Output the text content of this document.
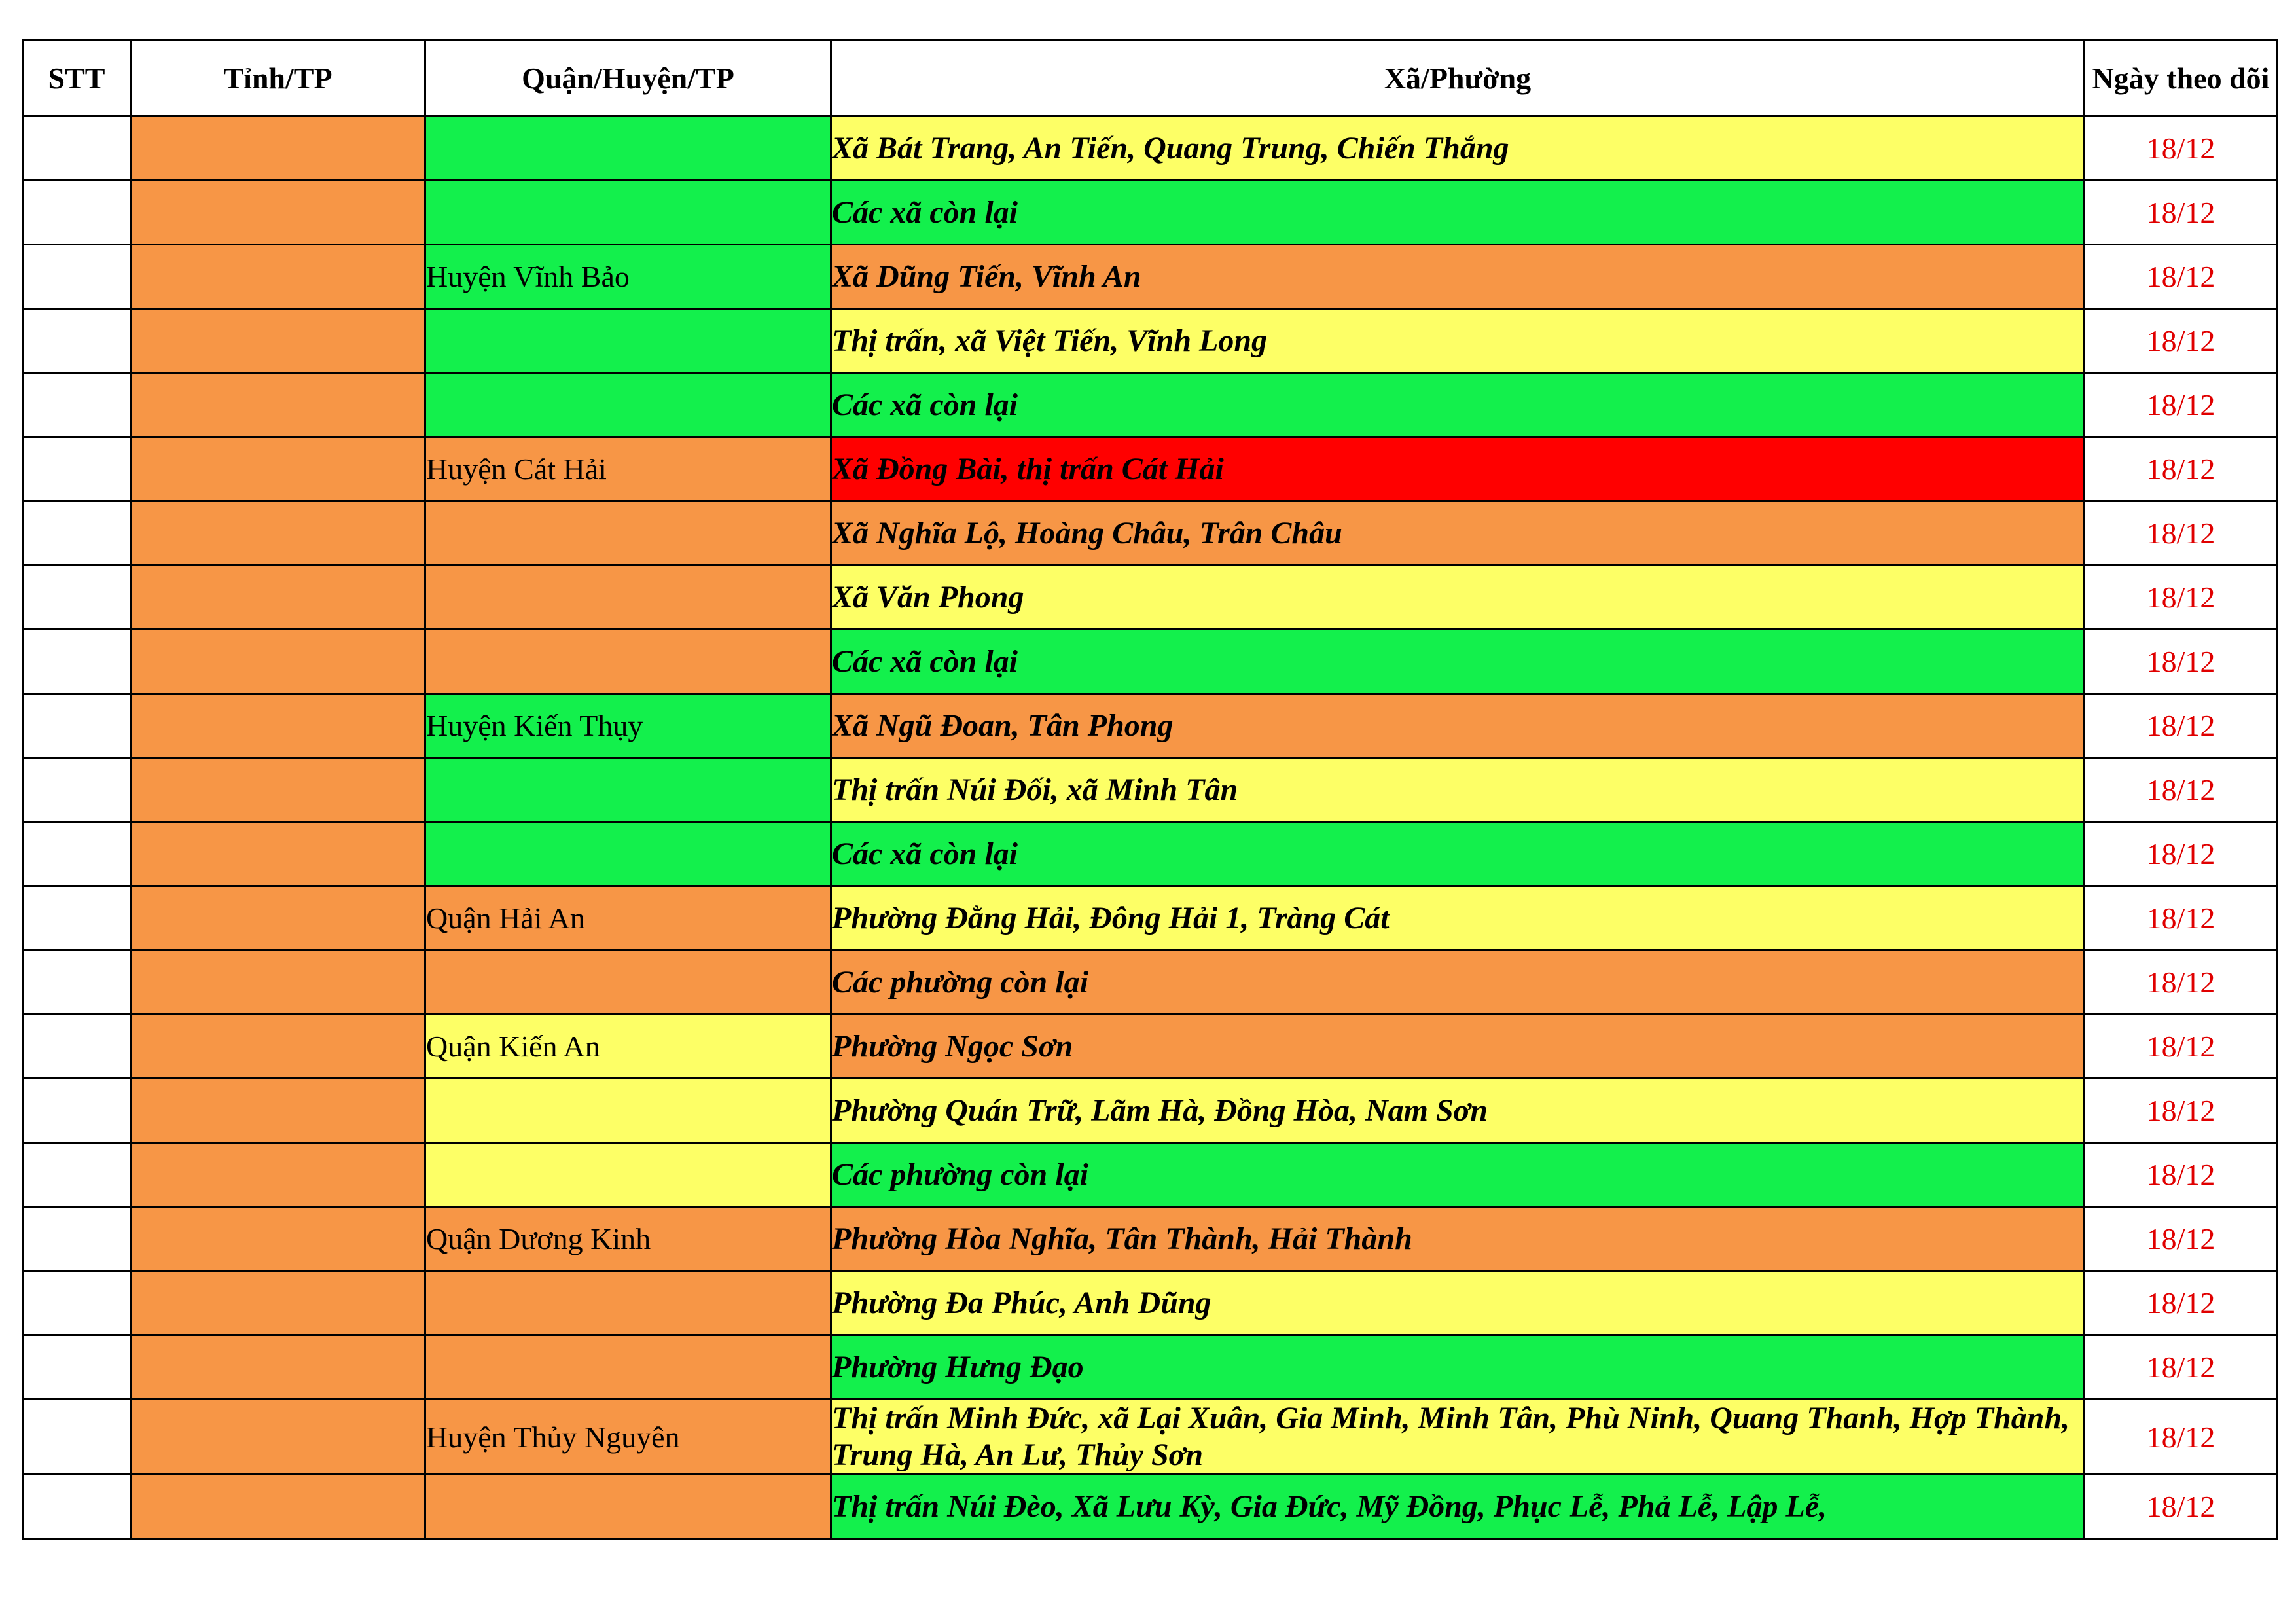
STT	Tỉnh/TP	Quận/Huyện/TP	Xã/Phường	Ngày theo dõi
			Xã Bát Trang, An Tiến, Quang Trung, Chiến Thắng	18/12
			Các xã còn lại	18/12
		Huyện Vĩnh Bảo	Xã Dũng Tiến, Vĩnh An	18/12
			Thị trấn, xã Việt Tiến, Vĩnh Long	18/12
			Các xã còn lại	18/12
		Huyện Cát Hải	Xã Đồng Bài, thị trấn Cát Hải	18/12
			Xã Nghĩa Lộ, Hoàng Châu, Trân Châu	18/12
			Xã Văn Phong	18/12
			Các xã còn lại	18/12
		Huyện Kiến Thụy	Xã Ngũ Đoan, Tân Phong	18/12
			Thị trấn Núi Đối, xã Minh Tân	18/12
			Các xã còn lại	18/12
		Quận Hải An	Phường Đằng Hải, Đông Hải 1, Tràng Cát	18/12
			Các phường còn lại	18/12
		Quận Kiến An	Phường Ngọc Sơn	18/12
			Phường Quán Trữ, Lãm Hà, Đồng Hòa, Nam Sơn	18/12
			Các phường còn lại	18/12
		Quận Dương Kinh	Phường Hòa Nghĩa, Tân Thành, Hải Thành	18/12
			Phường Đa Phúc, Anh Dũng	18/12
			Phường Hưng Đạo	18/12
		Huyện Thủy Nguyên	Thị trấn Minh Đức, xã Lại Xuân, Gia Minh, Minh Tân, Phù Ninh, Quang Thanh, Hợp Thành, Trung Hà, An Lư, Thủy Sơn	18/12
			Thị trấn Núi Đèo, Xã Lưu Kỳ, Gia Đức, Mỹ Đồng, Phục Lễ, Phả Lễ, Lập Lễ,	18/12
